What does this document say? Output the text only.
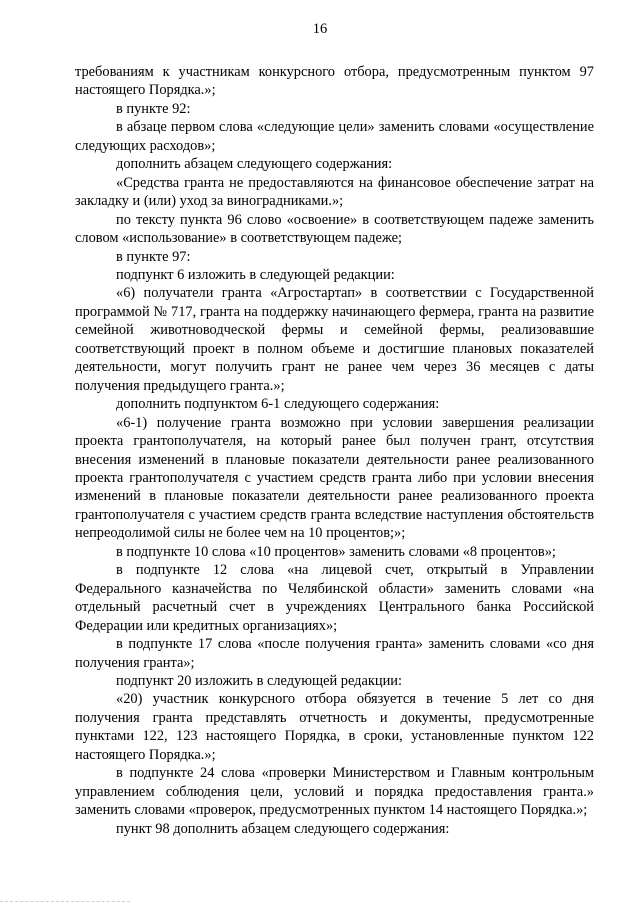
16

требованиям к участникам конкурсного отбора, предусмотренным пунктом 97 настоящего Порядка.»;

в пункте 92:

в абзаце первом слова «следующие цели» заменить словами «осуществление следующих расходов»;

дополнить абзацем следующего содержания:

«Средства гранта не предоставляются на финансовое обеспечение затрат на закладку и (или) уход за виноградниками.»;

по тексту пункта 96 слово «освоение» в соответствующем падеже заменить словом «использование» в соответствующем падеже;

в пункте 97:

подпункт 6 изложить в следующей редакции:

«6) получатели гранта «Агростартап» в соответствии с Государственной программой № 717, гранта на поддержку начинающего фермера, гранта на развитие семейной животноводческой фермы и семейной фермы, реализовавшие соответствующий проект в полном объеме и достигшие плановых показателей деятельности, могут получить грант не ранее чем через 36 месяцев с даты получения предыдущего гранта.»;

дополнить подпунктом 6-1 следующего содержания:

«6-1) получение гранта возможно при условии завершения реализации проекта грантополучателя, на который ранее был получен грант, отсутствия внесения изменений в плановые показатели деятельности ранее реализованного проекта грантополучателя с участием средств гранта либо при условии внесения изменений в плановые показатели деятельности ранее реализованного проекта грантополучателя с участием средств гранта вследствие наступления обстоятельств непреодолимой силы не более чем на 10 процентов;»;

в подпункте 10 слова «10 процентов» заменить словами «8 процентов»;

в подпункте 12 слова «на лицевой счет, открытый в Управлении Федерального казначейства по Челябинской области» заменить словами «на отдельный расчетный счет в учреждениях Центрального банка Российской Федерации или кредитных организациях»;

в подпункте 17 слова «после получения гранта» заменить словами «со дня получения гранта»;

подпункт 20 изложить в следующей редакции:

«20) участник конкурсного отбора обязуется в течение 5 лет со дня получения гранта представлять отчетность и документы, предусмотренные пунктами 122, 123 настоящего Порядка, в сроки, установленные пунктом 122 настоящего Порядка.»;

в подпункте 24 слова «проверки Министерством и Главным контрольным управлением соблюдения цели, условий и порядка предоставления гранта.» заменить словами «проверок, предусмотренных пунктом 14 настоящего Порядка.»;

пункт 98 дополнить абзацем следующего содержания:
